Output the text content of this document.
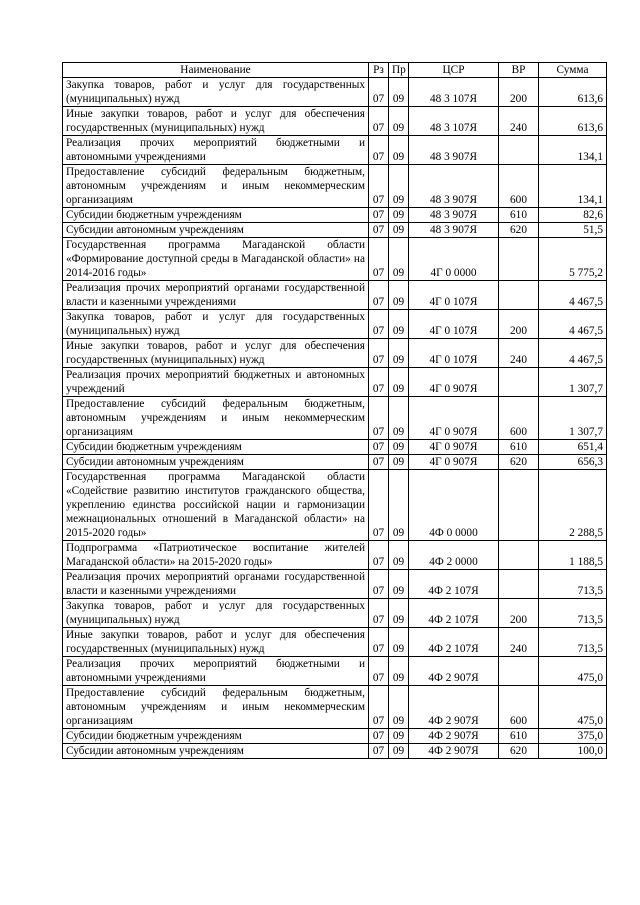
Наименование	Рз	Пр	ЦСР	ВР	Сумма
Закупка товаров, работ и услуг для государственных (муниципальных) нужд	07	09	48 3 107Я	200	613,6
Иные закупки товаров, работ и услуг для обеспечения государственных (муниципальных) нужд	07	09	48 3 107Я	240	613,6
Реализация прочих мероприятий бюджетными и автономными учреждениями	07	09	48 3 907Я		134,1
Предоставление субсидий федеральным бюджетным, автономным учреждениям и иным некоммерческим организациям	07	09	48 3 907Я	600	134,1
Субсидии бюджетным учреждениям	07	09	48 3 907Я	610	82,6
Субсидии автономным учреждениям	07	09	48 3 907Я	620	51,5
Государственная программа Магаданской области «Формирование доступной среды в Магаданской области» на 2014-2016 годы»	07	09	4Г 0 0000		5 775,2
Реализация прочих мероприятий органами государственной власти и казенными учреждениями	07	09	4Г 0 107Я		4 467,5
Закупка товаров, работ и услуг для государственных (муниципальных) нужд	07	09	4Г 0 107Я	200	4 467,5
Иные закупки товаров, работ и услуг для обеспечения государственных (муниципальных) нужд	07	09	4Г 0 107Я	240	4 467,5
Реализация прочих мероприятий бюджетных и автономных учреждений	07	09	4Г 0 907Я		1 307,7
Предоставление субсидий федеральным бюджетным, автономным учреждениям и иным некоммерческим организациям	07	09	4Г 0 907Я	600	1 307,7
Субсидии бюджетным учреждениям	07	09	4Г 0 907Я	610	651,4
Субсидии автономным учреждениям	07	09	4Г 0 907Я	620	656,3
Государственная программа Магаданской области «Содействие развитию институтов гражданского общества, укреплению единства российской нации и гармонизации межнациональных отношений в Магаданской области» на 2015-2020 годы»	07	09	4Ф 0 0000		2 288,5
Подпрограмма «Патриотическое воспитание жителей Магаданской области» на 2015-2020 годы»	07	09	4Ф 2 0000		1 188,5
Реализация прочих мероприятий органами государственной власти и казенными учреждениями	07	09	4Ф 2 107Я		713,5
Закупка товаров, работ и услуг для государственных (муниципальных) нужд	07	09	4Ф 2 107Я	200	713,5
Иные закупки товаров, работ и услуг для обеспечения государственных (муниципальных) нужд	07	09	4Ф 2 107Я	240	713,5
Реализация прочих мероприятий бюджетными и автономными учреждениями	07	09	4Ф 2 907Я		475,0
Предоставление субсидий федеральным бюджетным, автономным учреждениям и иным некоммерческим организациям	07	09	4Ф 2 907Я	600	475,0
Субсидии бюджетным учреждениям	07	09	4Ф 2 907Я	610	375,0
Субсидии автономным учреждениям	07	09	4Ф 2 907Я	620	100,0
